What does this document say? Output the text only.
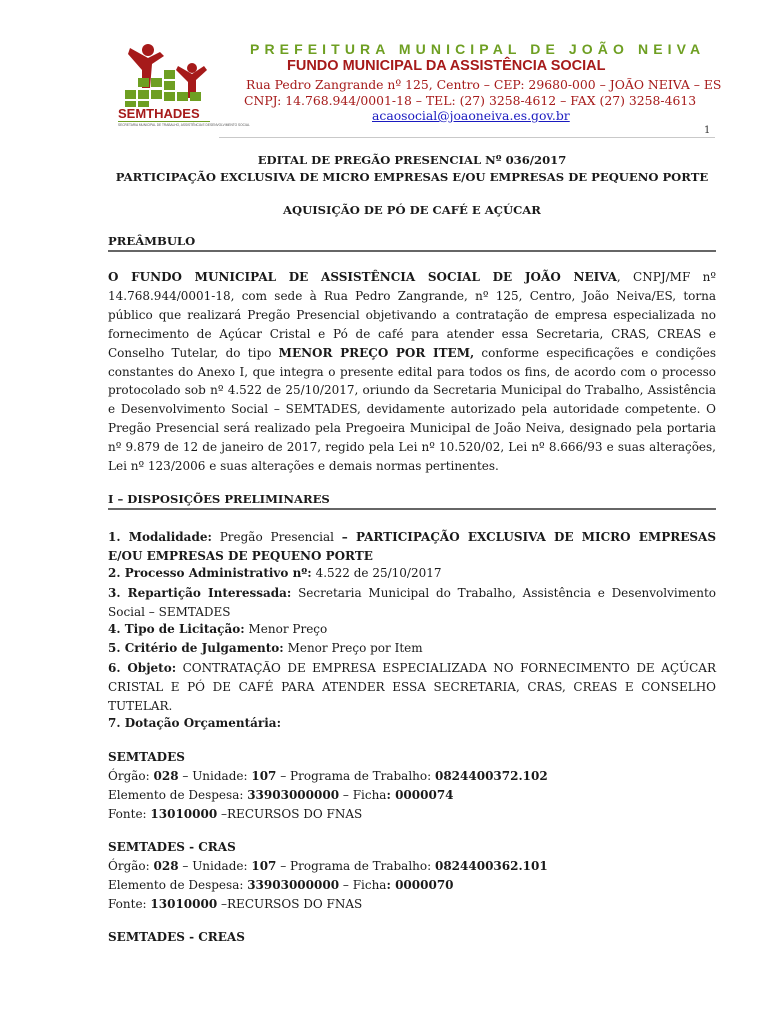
SEMTHADES
SECRETARIA MUNICIPAL DE TRABALHO, ASSISTÊNCIA E DESENVOLVIMENTO SOCIAL
PREFEITURA MUNICIPAL DE JOÃO NEIVA
FUNDO MUNICIPAL DA ASSISTÊNCIA SOCIAL
Rua Pedro Zangrande nº 125, Centro – CEP: 29680-000 – JOÃO NEIVA – ES
CNPJ: 14.768.944/0001-18 – TEL: (27) 3258-4612 – FAX (27) 3258-4613
acaosocial@joaoneiva.es.gov.br
1
EDITAL DE PREGÃO PRESENCIAL Nº 036/2017
PARTICIPAÇÃO EXCLUSIVA DE MICRO EMPRESAS E/OU EMPRESAS DE PEQUENO PORTE
AQUISIÇÃO DE PÓ DE CAFÉ E AÇÚCAR
PREÂMBULO
O FUNDO MUNICIPAL DE ASSISTÊNCIA SOCIAL DE JOÃO NEIVA, CNPJ/MF nº 14.768.944/0001-18, com sede à Rua Pedro Zangrande, nº 125, Centro, João Neiva/ES, torna público que realizará Pregão Presencial objetivando a contratação de empresa especializada no fornecimento de Açúcar Cristal e Pó de café para atender essa Secretaria, CRAS, CREAS e Conselho Tutelar, do tipo MENOR PREÇO POR ITEM, conforme especificações e condições constantes do Anexo I, que integra o presente edital para todos os fins, de acordo com o processo protocolado sob nº 4.522 de 25/10/2017, oriundo da Secretaria Municipal do Trabalho, Assistência e Desenvolvimento Social – SEMTADES, devidamente autorizado pela autoridade competente. O Pregão Presencial será realizado pela Pregoeira Municipal de João Neiva, designado pela portaria nº 9.879 de 12 de janeiro de 2017, regido pela Lei nº 10.520/02, Lei nº 8.666/93 e suas alterações, Lei nº 123/2006 e suas alterações e demais normas pertinentes.
I – DISPOSIÇÕES PRELIMINARES
1. Modalidade: Pregão Presencial – PARTICIPAÇÃO EXCLUSIVA DE MICRO EMPRESAS E/OU EMPRESAS DE PEQUENO PORTE
2. Processo Administrativo nº: 4.522 de 25/10/2017
3. Repartição Interessada: Secretaria Municipal do Trabalho, Assistência e Desenvolvimento Social – SEMTADES
4. Tipo de Licitação: Menor Preço
5. Critério de Julgamento: Menor Preço por Item
6. Objeto: CONTRATAÇÃO DE EMPRESA ESPECIALIZADA NO FORNECIMENTO DE AÇÚCAR CRISTAL E PÓ DE CAFÉ PARA ATENDER ESSA SECRETARIA, CRAS, CREAS E CONSELHO TUTELAR.
7. Dotação Orçamentária:
SEMTADES
Órgão: 028 – Unidade: 107 – Programa de Trabalho: 0824400372.102
Elemento de Despesa: 33903000000 – Ficha: 0000074
Fonte: 13010000 –RECURSOS DO FNAS
SEMTADES - CRAS
Órgão: 028 – Unidade: 107 – Programa de Trabalho: 0824400362.101
Elemento de Despesa: 33903000000 – Ficha: 0000070
Fonte: 13010000 –RECURSOS DO FNAS
SEMTADES - CREAS
